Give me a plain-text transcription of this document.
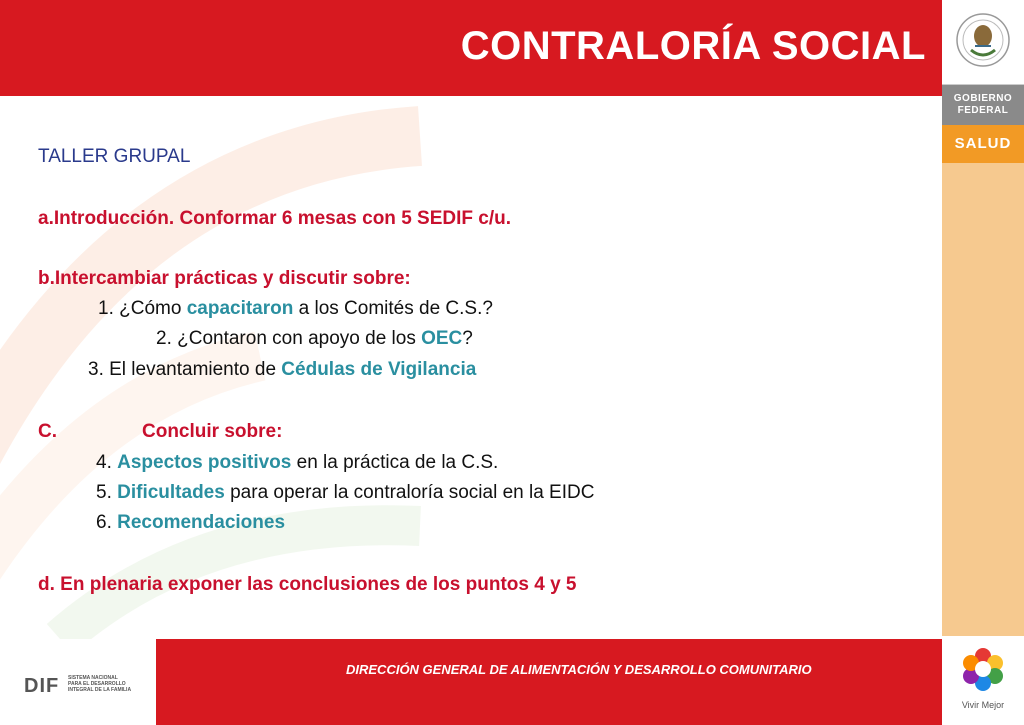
CONTRALORÍA SOCIAL
GOBIERNO
FEDERAL
SALUD
Vivir Mejor
TALLER GRUPAL
a.Introducción. Conformar 6 mesas con 5 SEDIF c/u.
b.Intercambiar prácticas y discutir sobre:
1. ¿Cómo capacitaron a los Comités de C.S.?
2. ¿Contaron con apoyo de los OEC?
3. El levantamiento de Cédulas de Vigilancia
C.	Concluir sobre:
4. Aspectos positivos en la práctica de la C.S.
5. Dificultades para operar la contraloría social en la EIDC
6. Recomendaciones
d. En plenaria exponer las conclusiones de los puntos 4 y 5
DIF SISTEMA NACIONAL
PARA EL DESARROLLO
INTEGRAL DE LA FAMILIA
DIRECCIÓN GENERAL DE ALIMENTACIÓN Y DESARROLLO COMUNITARIO
